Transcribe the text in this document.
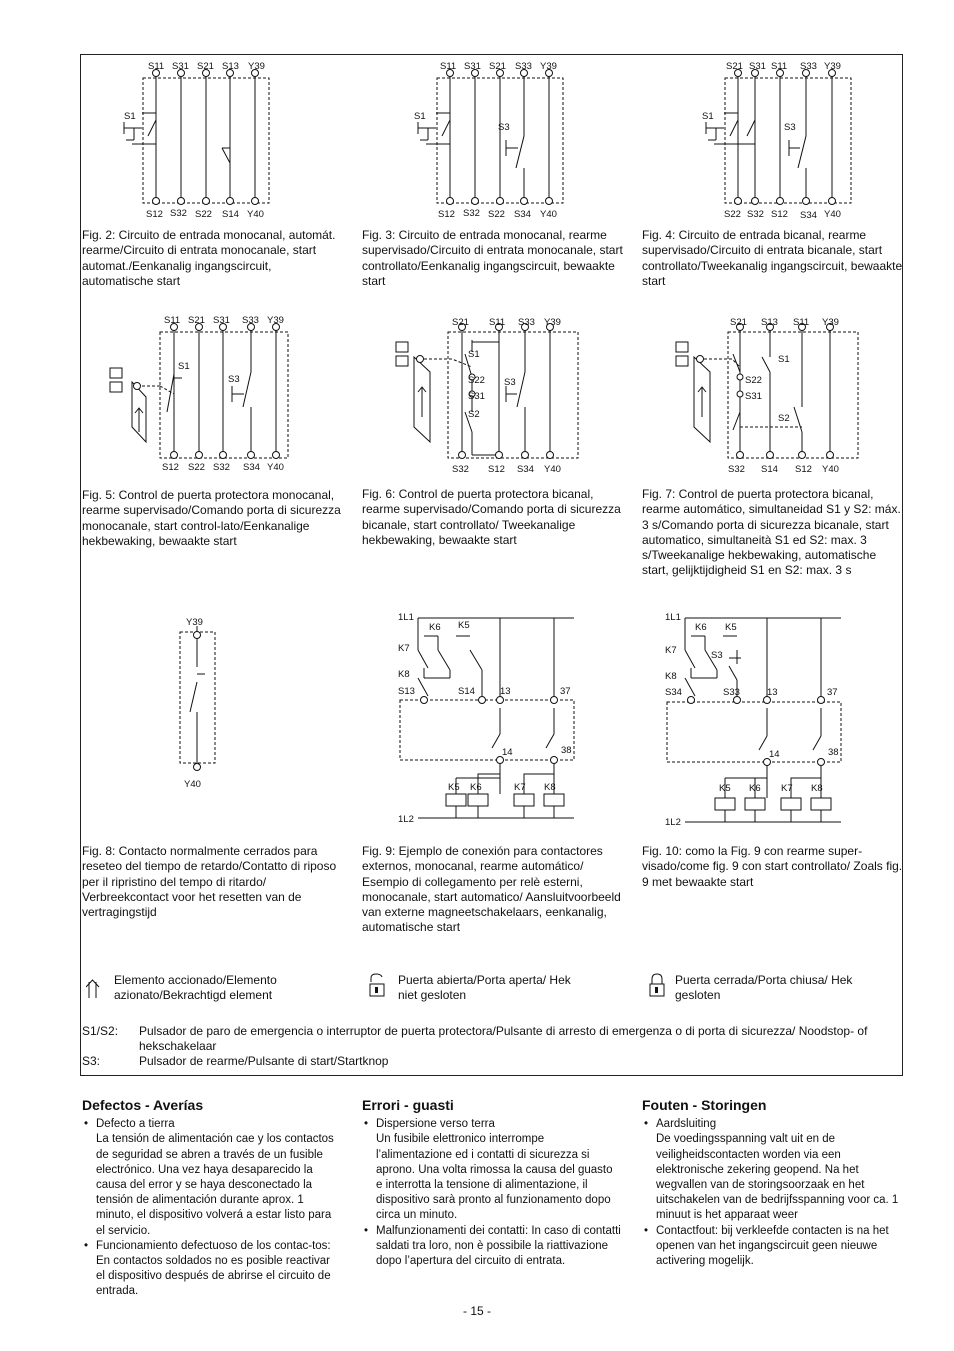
S11 S31 S21 S13 Y39
S12 S32 S22 S14 Y40
S1
Fig. 2: Circuito de entrada monocanal, automát. rearme/Circuito di entrata monocanale, start automat./Eenkanalig ingangscircuit, automatische start
S11 S31 S21 S33 Y39
S12 S32 S22 S34 Y40
S1
S3
Fig. 3: Circuito de entrada monocanal, rearme supervisado/Circuito di entrata monocanale, start controllato/Eenkanalig ingangscircuit, bewaakte start
S21 S31 S11 S33 Y39
S22 S32 S12 S34 Y40
S1
S3
Fig. 4: Circuito de entrada bicanal, rearme supervisado/Circuito di entrata bicanale, start controllato/Tweekanalig ingangscircuit, bewaakte start
S11 S21 S31 S33 Y39
S12 S22 S32 S34 Y40
S1
S3
Fig. 5: Control de puerta protectora monocanal, rearme supervisado/Comando porta di sicurezza monocanale, start control-lato/Eenkanalige hekbewaking, bewaakte start
S21 S11 S33 Y39
S32 S12 S34 Y40
S1
S22
S31
S2
S3
Fig. 6: Control de puerta protectora bicanal, rearme supervisado/Comando porta di sicurezza bicanale, start controllato/ Tweekanalige hekbewaking, bewaakte start
S21 S13 S11 Y39
S32 S14 S12 Y40
S1
S22
S31
S2
Fig. 7: Control de puerta protectora bicanal, rearme automático, simultaneidad S1 y S2: máx. 3 s/Comando porta di sicurezza bicanale, start automatico, simultaneità S1 ed S2: max. 3 s/Tweekanalige hekbewaking, automatische start, gelijktijdigheid S1 en S2: max. 3 s
Y39
Y40
Fig. 8: Contacto normalmente cerrados para reseteo del tiempo de retardo/Contatto di riposo per il ripristino del tempo di ritardo/ Verbreekcontact voor het resetten van de vertragingstijd
1L1
1L2
K6 K5
K7
K8
S13	S14	13	37
14	38
K5 K6	K7 K8
Fig. 9: Ejemplo de conexión para contactores externos, monocanal, rearme automático/ Esempio di collegamento per relè esterni, monocanale, start automatico/ Aansluitvoorbeeld van externe magneetschakelaars, eenkanalig, automatische start
1L1
1L2
K6 K5
K7	S3
K8
S34	S33	13	37
14	38
K5 K6 K7 K8
Fig. 10: como la Fig. 9 con rearme super-visado/come fig. 9 con start controllato/ Zoals fig. 9 met bewaakte start
Elemento accionado/Elemento azionato/Bekrachtigd element
Puerta abierta/Porta aperta/ Hek niet gesloten
Puerta cerrada/Porta chiusa/ Hek gesloten
S1/S2: Pulsador de paro de emergencia o interruptor de puerta protectora/Pulsante di arresto di emergenza o di porta di sicurezza/ Noodstop- of hekschakelaar
S3:	Pulsador de rearme/Pulsante di start/Startknop
Defectos - Averías
• Defecto a tierra
La tensión de alimentación cae y los contactos de seguridad se abren a través de un fusible electrónico. Una vez haya desaparecido la causa del error y se haya desconectado la tensión de alimentación durante aprox. 1 minuto, el dispositivo volverá a estar listo para el servicio.
• Funcionamiento defectuoso de los contac-tos: En contactos soldados no es posible reactivar el dispositivo después de abrirse el circuito de entrada.
Errori - guasti
• Dispersione verso terra
Un fusibile elettronico interrompe l’alimentazione ed i contatti di sicurezza si aprono. Una volta rimossa la causa del guasto e interrotta la tensione di alimentazione, il dispositivo sarà pronto al funzionamento dopo circa un minuto.
• Malfunzionamenti dei contatti: In caso di contatti saldati tra loro, non è possibile la riattivazione dopo l’apertura del circuito di entrata.
Fouten - Storingen
• Aardsluiting
De voedingsspanning valt uit en de veiligheidscontacten worden via een elektronische zekering geopend. Na het wegvallen van de storingsoorzaak en het uitschakelen van de bedrijfsspanning voor ca. 1 minuut is het apparaat weer
• Contactfout: bij verkleefde contacten is na het openen van het ingangscircuit geen nieuwe activering mogelijk.
- 15 -
